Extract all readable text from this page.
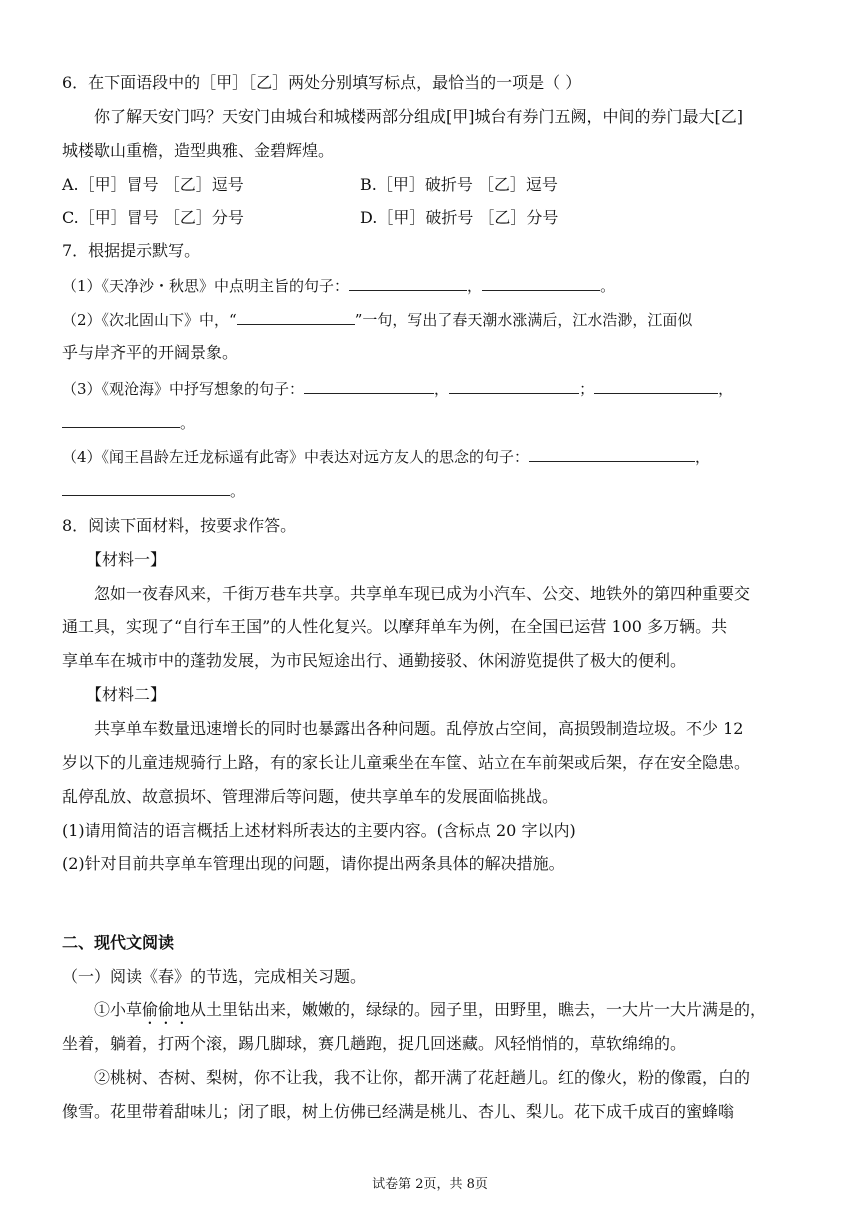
6．在下面语段中的［甲］［乙］两处分别填写标点，最恰当的一项是（ ）
你了解天安门吗？天安门由城台和城楼两部分组成[甲]城台有券门五阙，中间的券门最大[乙]
城楼歇山重檐，造型典雅、金碧辉煌。
A.［甲］冒号 ［乙］逗号	B.［甲］破折号 ［乙］逗号
C.［甲］冒号 ［乙］分号	D.［甲］破折号 ［乙］分号
7．根据提示默写。
（1）《天净沙・秋思》中点明主旨的句子：	，	。
（2）《次北固山下》中，“	”一句，写出了春天潮水涨满后，江水浩渺，江面似
乎与岸齐平的开阔景象。
（3）《观沧海》中抒写想象的句子：	，	；	，
。
（4）《闻王昌龄左迁龙标遥有此寄》中表达对远方友人的思念的句子：	，
。
8．阅读下面材料，按要求作答。
【材料一】
忽如一夜春风来，千街万巷车共享。共享单车现已成为小汽车、公交、地铁外的第四种重要交
通工具，实现了“自行车王国”的人性化复兴。以摩拜单车为例，在全国已运营 100 多万辆。共
享单车在城市中的蓬勃发展，为市民短途出行、通勤接驳、休闲游览提供了极大的便利。
【材料二】
共享单车数量迅速增长的同时也暴露出各种问题。乱停放占空间，高损毁制造垃圾。不少 12
岁以下的儿童违规骑行上路，有的家长让儿童乘坐在车筐、站立在车前架或后架，存在安全隐患。
乱停乱放、故意损坏、管理滞后等问题，使共享单车的发展面临挑战。
(1)请用简洁的语言概括上述材料所表达的主要内容。(含标点 20 字以内)
(2)针对目前共享单车管理出现的问题，请你提出两条具体的解决措施。
二、现代文阅读
（一）阅读《春》的节选，完成相关习题。
①小草偷偷地从土里钻出来，嫩嫩的，绿绿的。园子里，田野里，瞧去，一大片一大片满是的，
坐着，躺着，打两个滚，踢几脚球，赛几趟跑，捉几回迷藏。风轻悄悄的，草软绵绵的。
②桃树、杏树、梨树，你不让我，我不让你，都开满了花赶趟儿。红的像火，粉的像霞，白的
像雪。花里带着甜味儿；闭了眼，树上仿佛已经满是桃儿、杏儿、梨儿。花下成千成百的蜜蜂嗡
试卷第 2页，共 8页
